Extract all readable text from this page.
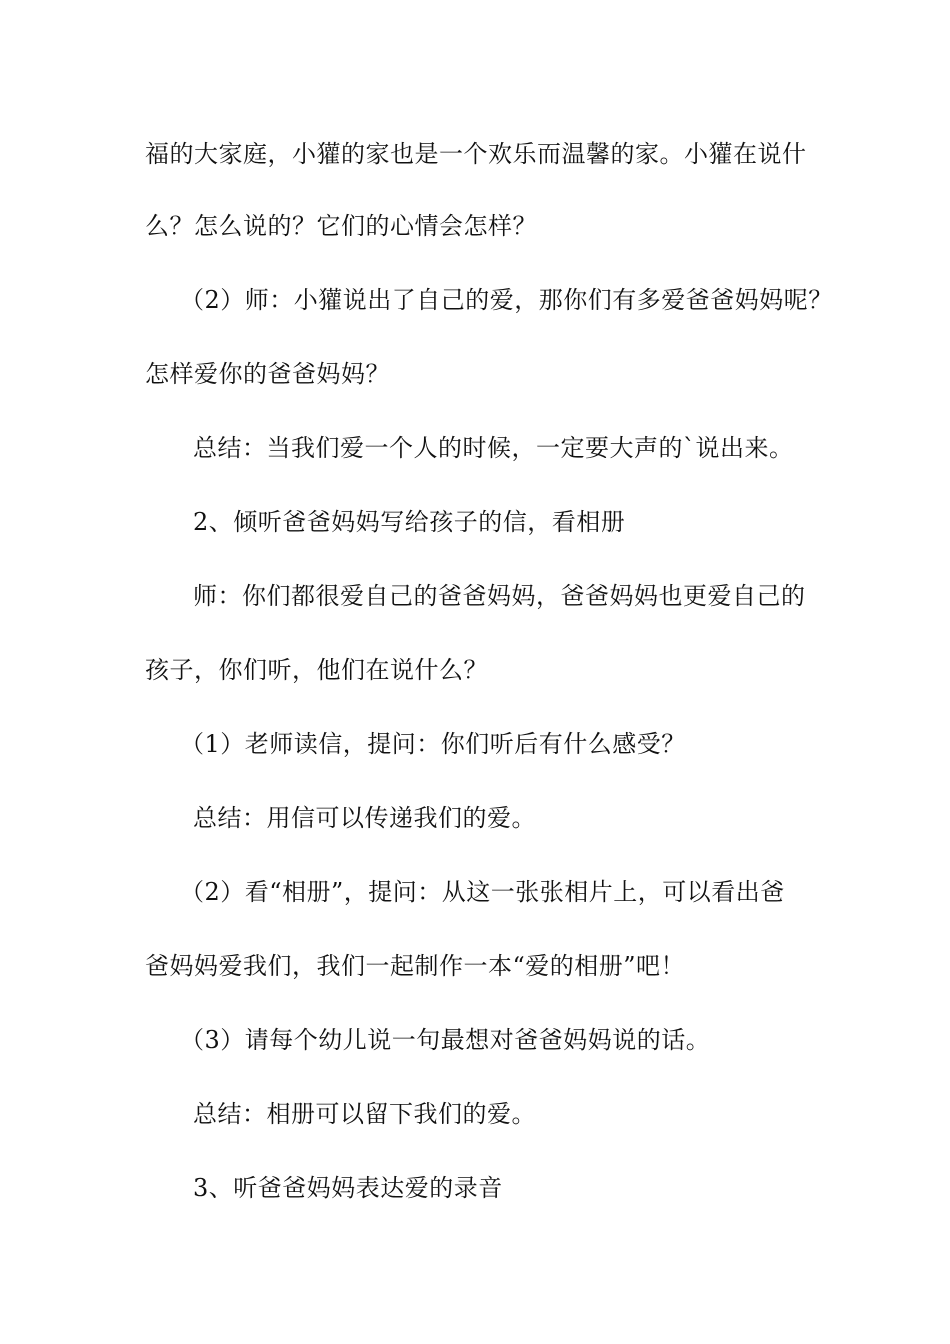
福的大家庭，小獾的家也是一个欢乐而温馨的家。小獾在说什
么？怎么说的？它们的心情会怎样？
（2）师：小獾说出了自己的爱，那你们有多爱爸爸妈妈呢？
怎样爱你的爸爸妈妈？
总结：当我们爱一个人的时候，一定要大声的`说出来。
2、倾听爸爸妈妈写给孩子的信，看相册
师：你们都很爱自己的爸爸妈妈，爸爸妈妈也更爱自己的
孩子，你们听，他们在说什么？
（1）老师读信，提问：你们听后有什么感受？
总结：用信可以传递我们的爱。
（2）看“相册”，提问：从这一张张相片上，可以看出爸
爸妈妈爱我们，我们一起制作一本“爱的相册”吧！
（3）请每个幼儿说一句最想对爸爸妈妈说的话。
总结：相册可以留下我们的爱。
3、听爸爸妈妈表达爱的录音
